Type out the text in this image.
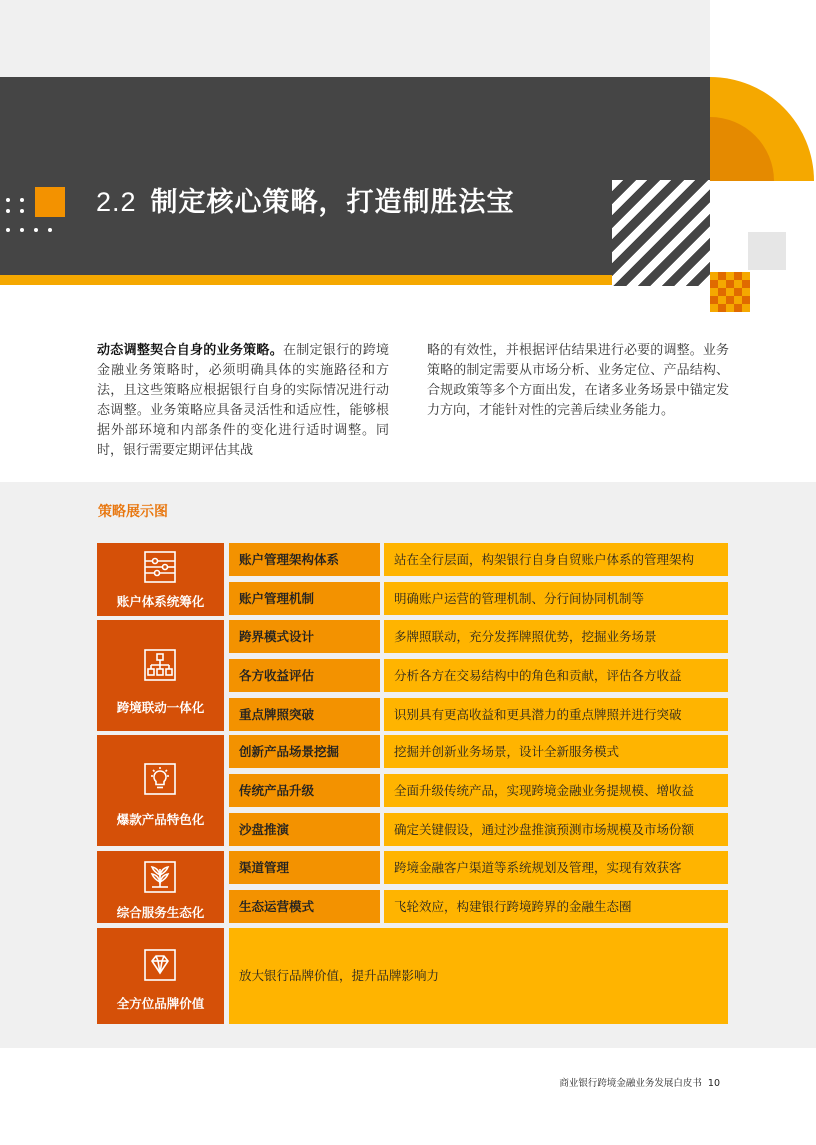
2.2 制定核心策略，打造制胜法宝
动态调整契合自身的业务策略。在制定银行的跨境金融业务策略时，必须明确具体的实施路径和方法，且这些策略应根据银行自身的实际情况进行动态调整。业务策略应具备灵活性和适应性，能够根据外部环境和内部条件的变化进行适时调整。同时，银行需要定期评估其战
略的有效性，并根据评估结果进行必要的调整。业务策略的制定需要从市场分析、业务定位、产品结构、合规政策等多个方面出发，在诸多业务场景中锚定发力方向，才能针对性的完善后续业务能力。
策略展示图
账户体系统筹化
账户管理架构体系	站在全行层面，构架银行自身自贸账户体系的管理架构
账户管理机制	明确账户运营的管理机制、分行间协同机制等
跨境联动一体化
跨界模式设计	多牌照联动，充分发挥牌照优势，挖掘业务场景
各方收益评估	分析各方在交易结构中的角色和贡献，评估各方收益
重点牌照突破	识别具有更高收益和更具潜力的重点牌照并进行突破
爆款产品特色化
创新产品场景挖掘	挖掘并创新业务场景，设计全新服务模式
传统产品升级	全面升级传统产品，实现跨境金融业务提规模、增收益
沙盘推演	确定关键假设，通过沙盘推演预测市场规模及市场份额
综合服务生态化
渠道管理	跨境金融客户渠道等系统规划及管理，实现有效获客
生态运营模式	飞轮效应，构建银行跨境跨界的金融生态圈
全方位品牌价值
放大银行品牌价值，提升品牌影响力
商业银行跨境金融业务发展白皮书 10
